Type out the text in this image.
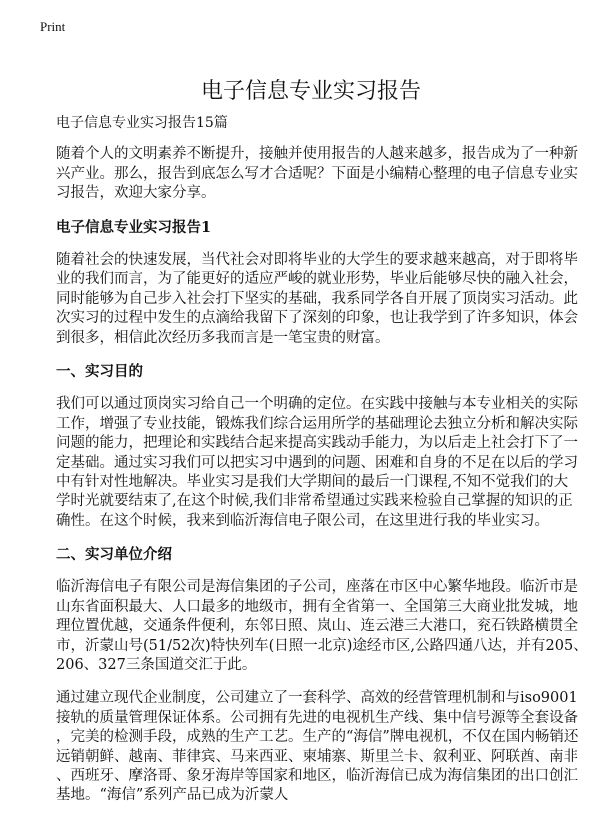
Print
电子信息专业实习报告
电子信息专业实习报告15篇
随着个人的文明素养不断提升，接触并使用报告的人越来越多，报告成为了一种新
兴产业。那么，报告到底怎么写才合适呢？下面是小编精心整理的电子信息专业实
习报告，欢迎大家分享。
电子信息专业实习报告1
随着社会的快速发展，当代社会对即将毕业的大学生的要求越来越高，对于即将毕
业的我们而言，为了能更好的适应严峻的就业形势，毕业后能够尽快的融入社会，
同时能够为自己步入社会打下坚实的基础，我系同学各自开展了顶岗实习活动。此
次实习的过程中发生的点滴给我留下了深刻的印象，也让我学到了许多知识，体会
到很多，相信此次经历多我而言是一笔宝贵的财富。
一、实习目的
我们可以通过顶岗实习给自己一个明确的定位。在实践中接触与本专业相关的实际
工作，增强了专业技能，锻炼我们综合运用所学的基础理论去独立分析和解决实际
问题的能力，把理论和实践结合起来提高实践动手能力，为以后走上社会打下了一
定基础。通过实习我们可以把实习中遇到的问题、困难和自身的不足在以后的学习
中有针对性地解决。毕业实习是我们大学期间的最后一门课程,不知不觉我们的大
学时光就要结束了,在这个时候,我们非常希望通过实践来检验自己掌握的知识的正
确性。在这个时候，我来到临沂海信电子限公司，在这里进行我的毕业实习。
二、实习单位介绍
临沂海信电子有限公司是海信集团的子公司，座落在市区中心繁华地段。临沂市是
山东省面积最大、人口最多的地级市，拥有全省第一、全国第三大商业批发城，地
理位置优越，交通条件便利，东邻日照、岚山、连云港三大港口，兖石铁路横贯全
市，沂蒙山号(51/52次)特快列车(日照一北京)途经市区,公路四通八达，并有205、
206、327三条国道交汇于此。
通过建立现代企业制度，公司建立了一套科学、高效的经营管理机制和与iso9001
接轨的质量管理保证体系。公司拥有先进的电视机生产线、集中信号源等全套设备
，完美的检测手段，成熟的生产工艺。生产的“海信”牌电视机，不仅在国内畅销还
远销朝鲜、越南、菲律宾、马来西亚、柬埔寨、斯里兰卡、叙利亚、阿联酋、南非
、西班牙、摩洛哥、象牙海岸等国家和地区，临沂海信已成为海信集团的出口创汇
基地。“海信”系列产品已成为沂蒙人
